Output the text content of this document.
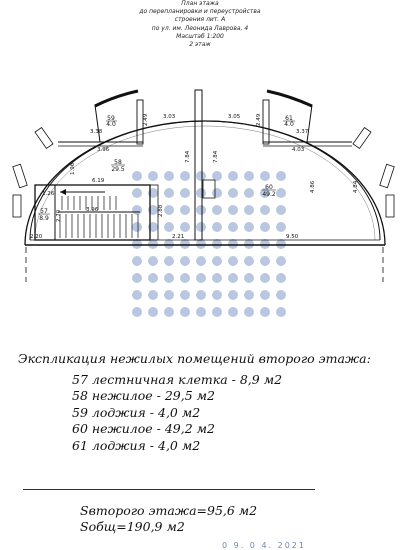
План этажа
до перепланировки и переустройства
строения лит. А
по ул. им. Леонида Лаврова, 4
Масштаб 1:200
2 этаж
3.38
3.03	3.05
3.37
2.49	2.49
3.96	4.03
1.96
7.84	7.84
6.19
1.26
4.86
3.96	2.88
2.70
2.20	2.21	9.50
4.84
59
4.0
58
29.5
57
8.9
60
49.2
61
4.0
Экспликация нежилых помещений второго этажа:
57 лестничная клетка - 8,9 м2
58 нежилое - 29,5 м2
59 лоджия - 4,0 м2
60 нежилое - 49,2 м2
61 лоджия - 4,0 м2
Sвторого этажа=95,6 м2
Sобщ=190,9 м2
0 9. 0 4. 2021
